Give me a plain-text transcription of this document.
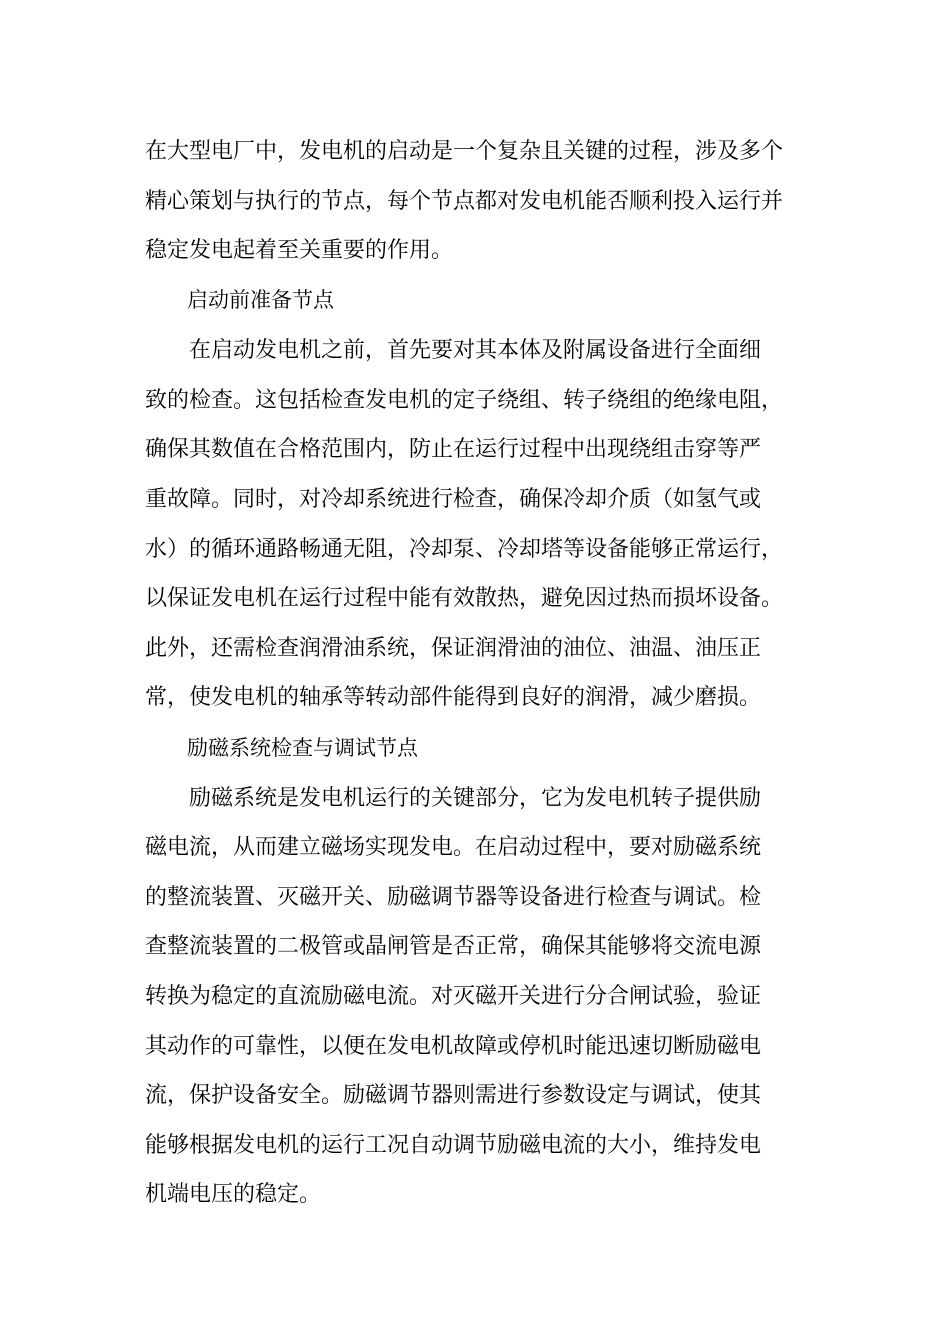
在大型电厂中，发电机的启动是一个复杂且关键的过程，涉及多个
精心策划与执行的节点，每个节点都对发电机能否顺利投入运行并
稳定发电起着至关重要的作用。
启动前准备节点
在启动发电机之前，首先要对其本体及附属设备进行全面细
致的检查。这包括检查发电机的定子绕组、转子绕组的绝缘电阻，
确保其数值在合格范围内，防止在运行过程中出现绕组击穿等严
重故障。同时，对冷却系统进行检查，确保冷却介质（如氢气或
水）的循环通路畅通无阻，冷却泵、冷却塔等设备能够正常运行，
以保证发电机在运行过程中能有效散热，避免因过热而损坏设备。
此外，还需检查润滑油系统，保证润滑油的油位、油温、油压正
常，使发电机的轴承等转动部件能得到良好的润滑，减少磨损。
励磁系统检查与调试节点
励磁系统是发电机运行的关键部分，它为发电机转子提供励
磁电流，从而建立磁场实现发电。在启动过程中，要对励磁系统
的整流装置、灭磁开关、励磁调节器等设备进行检查与调试。检
查整流装置的二极管或晶闸管是否正常，确保其能够将交流电源
转换为稳定的直流励磁电流。对灭磁开关进行分合闸试验，验证
其动作的可靠性，以便在发电机故障或停机时能迅速切断励磁电
流，保护设备安全。励磁调节器则需进行参数设定与调试，使其
能够根据发电机的运行工况自动调节励磁电流的大小，维持发电
机端电压的稳定。
